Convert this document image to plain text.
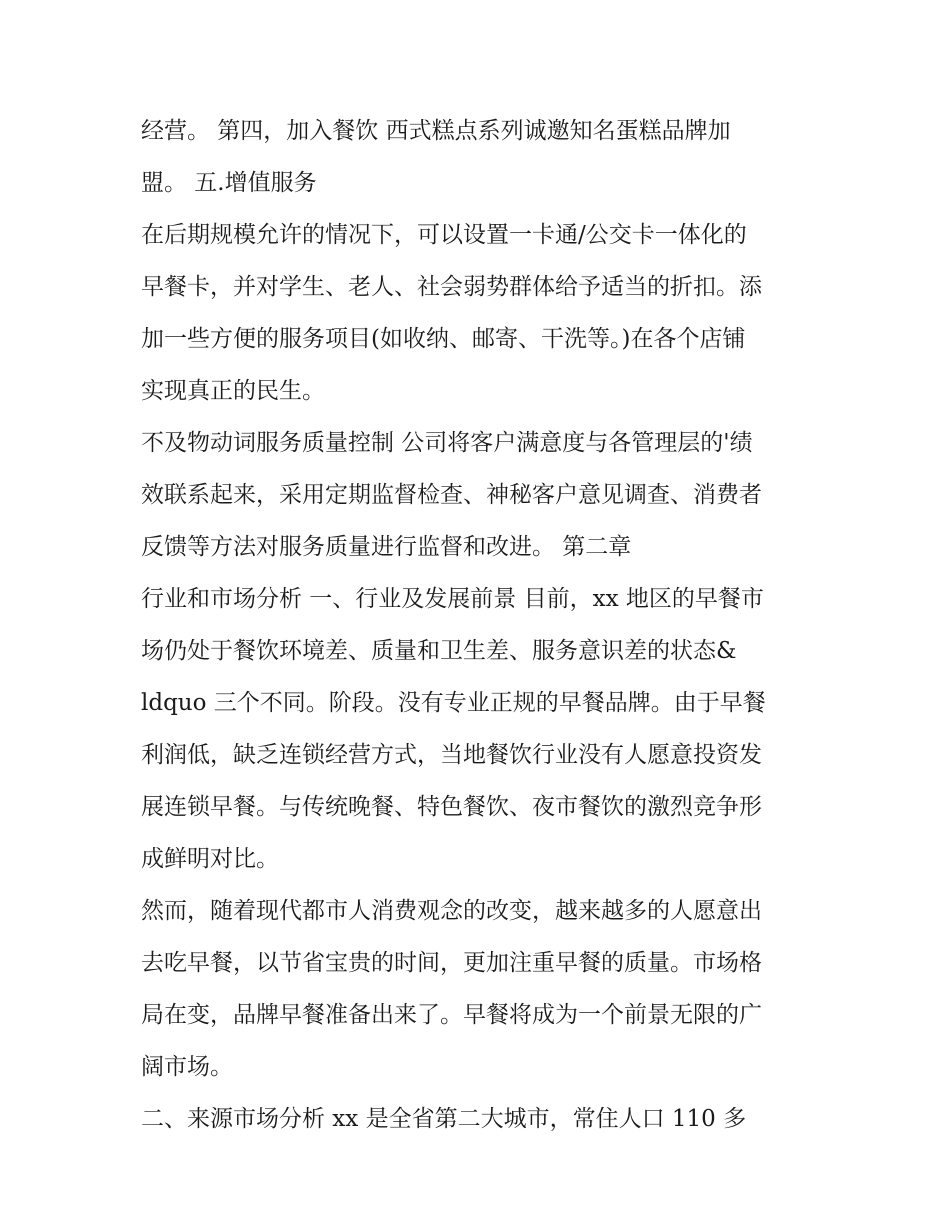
经营。 第四，加入餐饮 西式糕点系列诚邀知名蛋糕品牌加
盟。 五.增值服务
在后期规模允许的情况下，可以设置一卡通/公交卡一体化的
早餐卡，并对学生、老人、社会弱势群体给予适当的折扣。添
加一些方便的服务项目(如收纳、邮寄、干洗等。)在各个店铺
实现真正的民生。
不及物动词服务质量控制 公司将客户满意度与各管理层的'绩
效联系起来，采用定期监督检查、神秘客户意见调查、消费者
反馈等方法对服务质量进行监督和改进。 第二章
行业和市场分析 一、行业及发展前景 目前，xx 地区的早餐市
场仍处于餐饮环境差、质量和卫生差、服务意识差的状态&
ldquo 三个不同。阶段。没有专业正规的早餐品牌。由于早餐
利润低，缺乏连锁经营方式，当地餐饮行业没有人愿意投资发
展连锁早餐。与传统晚餐、特色餐饮、夜市餐饮的激烈竞争形
成鲜明对比。
然而，随着现代都市人消费观念的改变，越来越多的人愿意出
去吃早餐，以节省宝贵的时间，更加注重早餐的质量。市场格
局在变，品牌早餐准备出来了。早餐将成为一个前景无限的广
阔市场。
二、来源市场分析 xx 是全省第二大城市，常住人口 110 多
